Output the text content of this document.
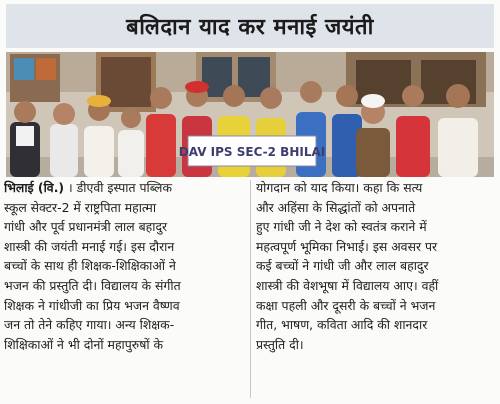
बलिदान याद कर मनाई जयंती
DAV IPS SEC-2 BHILAI
भिलाई (वि.) । डीएवी इस्पात पब्लिक
स्कूल सेक्टर-2 में राष्ट्रपिता महात्मा
गांधी और पूर्व प्रधानमंत्री लाल बहादुर
शास्त्री की जयंती मनाई गई। इस दौरान
बच्चों के साथ ही शिक्षक-शिक्षिकाओं ने
भजन की प्रस्तुति दी। विद्यालय के संगीत
शिक्षक ने गांधीजी का प्रिय भजन वैष्णव
जन तो तेने कहिए गाया। अन्य शिक्षक-
शिक्षिकाओं ने भी दोनों महापुरुषों के
योगदान को याद किया। कहा कि सत्य
और अहिंसा के सिद्धांतों को अपनाते
हुए गांधी जी ने देश को स्वतंत्र कराने में
महत्वपूर्ण भूमिका निभाई। इस अवसर पर
कई बच्चों ने गांधी जी और लाल बहादुर
शास्त्री की वेशभूषा में विद्यालय आए। वहीं
कक्षा पहली और दूसरी के बच्चों ने भजन
गीत, भाषण, कविता आदि की शानदार
प्रस्तुति दी।
